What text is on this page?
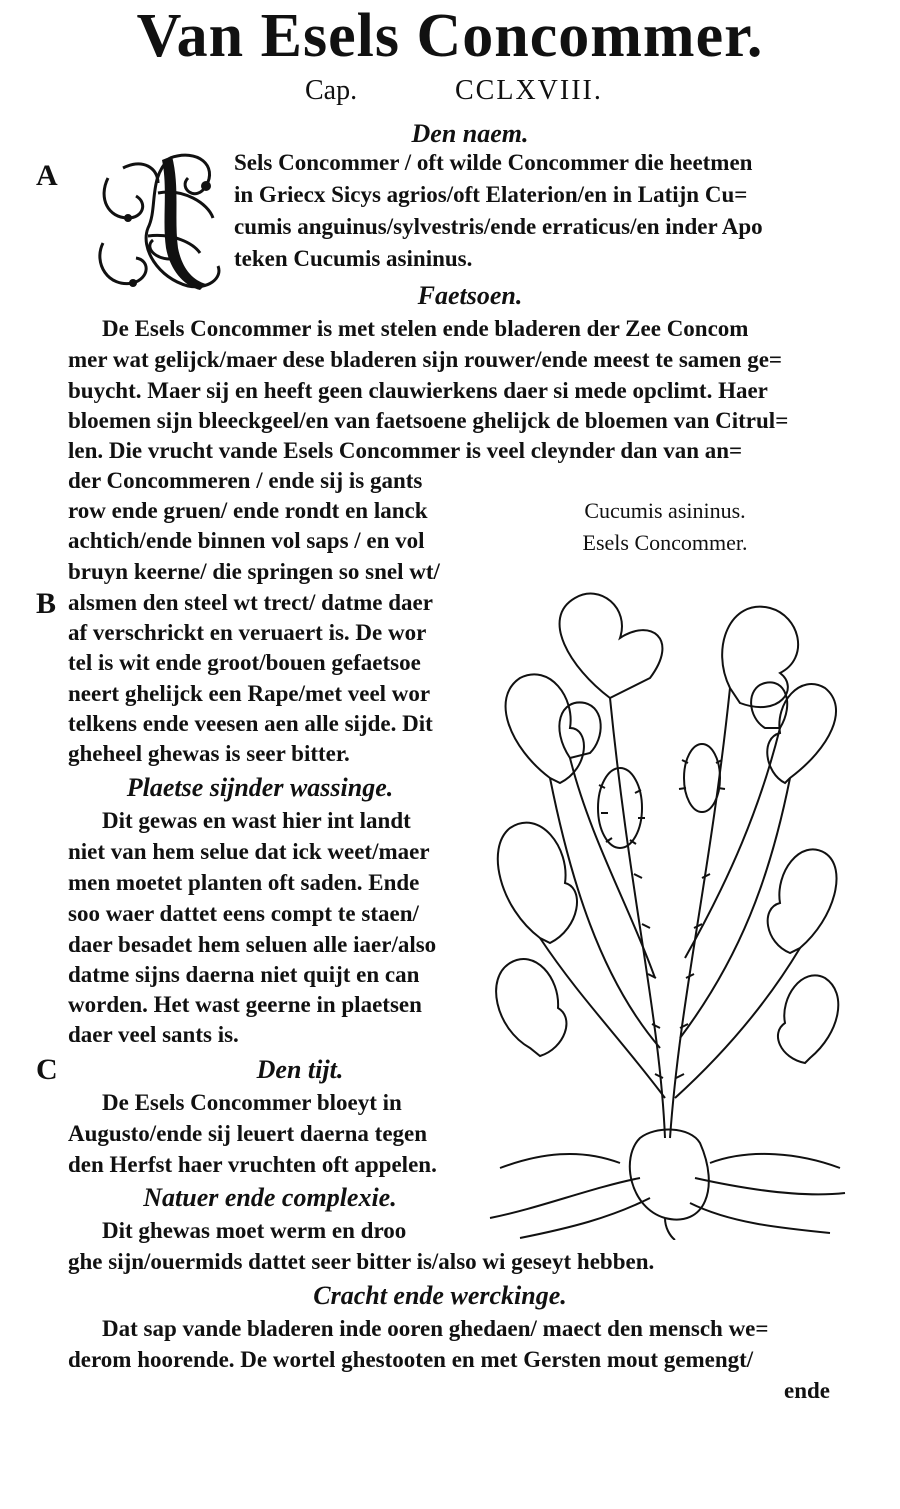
Van Esels Concommer.
Cap.	CCLXVIII.
Den naem.
A	Sels Concommer / oft wilde Concommer die heetmen
in Griecx Sicys agrios/oft Elaterion/en in Latijn Cu=
cumis anguinus/sylvestris/ende erraticus/en inder Apo
teken Cucumis asininus.
Faetsoen.
De Esels Concommer is met stelen ende bladeren der Zee Concom
mer wat gelijck/maer dese bladeren sijn rouwer/ende meest te samen ge=
buycht. Maer sij en heeft geen clauwierkens daer si mede opclimt. Haer
bloemen sijn bleeckgeel/en van faetsoene ghelijck de bloemen van Citrul=
len. Die vrucht vande Esels Concommer is veel cleynder dan van an=
der Concommeren / ende sij is gants
row ende gruen/ ende rondt en lanck
achtich/ende binnen vol saps / en vol
bruyn keerne/ die springen so snel wt/
B alsmen den steel wt trect/ datme daer
af verschrickt en veruaert is. De wor
tel is wit ende groot/bouen gefaetsoe
neert ghelijck een Rape/met veel wor
telkens ende veesen aen alle sijde. Dit
gheheel ghewas is seer bitter.
Cucumis asininus.
Esels Concommer.
Plaetse sijnder wassinge.
Dit gewas en wast hier int landt
niet van hem selue dat ick weet/maer
men moetet planten oft saden. Ende
soo waer dattet eens compt te staen/
daer besadet hem seluen alle iaer/also
datme sijns daerna niet quijt en can
worden. Het wast geerne in plaetsen
daer veel sants is.
C	Den tijt.
De Esels Concommer bloeyt in
Augusto/ende sij leuert daerna tegen
den Herfst haer vruchten oft appelen.
Natuer ende complexie.
Dit ghewas moet werm en droo
ghe sijn/ouermids dattet seer bitter is/also wi geseyt hebben.
Cracht ende werckinge.
Dat sap vande bladeren inde ooren ghedaen/ maect den mensch we=
derom hoorende. De wortel ghestooten en met Gersten mout gemengt/
ende
